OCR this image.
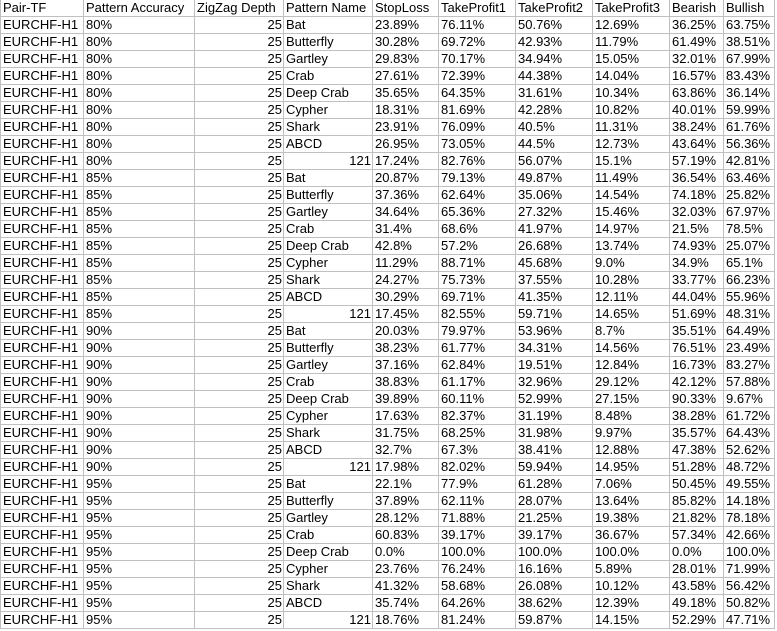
Pair-TF	Pattern Accuracy	ZigZag Depth	Pattern Name	StopLoss	TakeProfit1	TakeProfit2	TakeProfit3	Bearish	Bullish
EURCHF-H1	80%	25	Bat	23.89%	76.11%	50.76%	12.69%	36.25%	63.75%
EURCHF-H1	80%	25	Butterfly	30.28%	69.72%	42.93%	11.79%	61.49%	38.51%
EURCHF-H1	80%	25	Gartley	29.83%	70.17%	34.94%	15.05%	32.01%	67.99%
EURCHF-H1	80%	25	Crab	27.61%	72.39%	44.38%	14.04%	16.57%	83.43%
EURCHF-H1	80%	25	Deep Crab	35.65%	64.35%	31.61%	10.34%	63.86%	36.14%
EURCHF-H1	80%	25	Cypher	18.31%	81.69%	42.28%	10.82%	40.01%	59.99%
EURCHF-H1	80%	25	Shark	23.91%	76.09%	40.5%	11.31%	38.24%	61.76%
EURCHF-H1	80%	25	ABCD	26.95%	73.05%	44.5%	12.73%	43.64%	56.36%
EURCHF-H1	80%	25	121	17.24%	82.76%	56.07%	15.1%	57.19%	42.81%
EURCHF-H1	85%	25	Bat	20.87%	79.13%	49.87%	11.49%	36.54%	63.46%
EURCHF-H1	85%	25	Butterfly	37.36%	62.64%	35.06%	14.54%	74.18%	25.82%
EURCHF-H1	85%	25	Gartley	34.64%	65.36%	27.32%	15.46%	32.03%	67.97%
EURCHF-H1	85%	25	Crab	31.4%	68.6%	41.97%	14.97%	21.5%	78.5%
EURCHF-H1	85%	25	Deep Crab	42.8%	57.2%	26.68%	13.74%	74.93%	25.07%
EURCHF-H1	85%	25	Cypher	11.29%	88.71%	45.68%	9.0%	34.9%	65.1%
EURCHF-H1	85%	25	Shark	24.27%	75.73%	37.55%	10.28%	33.77%	66.23%
EURCHF-H1	85%	25	ABCD	30.29%	69.71%	41.35%	12.11%	44.04%	55.96%
EURCHF-H1	85%	25	121	17.45%	82.55%	59.71%	14.65%	51.69%	48.31%
EURCHF-H1	90%	25	Bat	20.03%	79.97%	53.96%	8.7%	35.51%	64.49%
EURCHF-H1	90%	25	Butterfly	38.23%	61.77%	34.31%	14.56%	76.51%	23.49%
EURCHF-H1	90%	25	Gartley	37.16%	62.84%	19.51%	12.84%	16.73%	83.27%
EURCHF-H1	90%	25	Crab	38.83%	61.17%	32.96%	29.12%	42.12%	57.88%
EURCHF-H1	90%	25	Deep Crab	39.89%	60.11%	52.99%	27.15%	90.33%	9.67%
EURCHF-H1	90%	25	Cypher	17.63%	82.37%	31.19%	8.48%	38.28%	61.72%
EURCHF-H1	90%	25	Shark	31.75%	68.25%	31.98%	9.97%	35.57%	64.43%
EURCHF-H1	90%	25	ABCD	32.7%	67.3%	38.41%	12.88%	47.38%	52.62%
EURCHF-H1	90%	25	121	17.98%	82.02%	59.94%	14.95%	51.28%	48.72%
EURCHF-H1	95%	25	Bat	22.1%	77.9%	61.28%	7.06%	50.45%	49.55%
EURCHF-H1	95%	25	Butterfly	37.89%	62.11%	28.07%	13.64%	85.82%	14.18%
EURCHF-H1	95%	25	Gartley	28.12%	71.88%	21.25%	19.38%	21.82%	78.18%
EURCHF-H1	95%	25	Crab	60.83%	39.17%	39.17%	36.67%	57.34%	42.66%
EURCHF-H1	95%	25	Deep Crab	0.0%	100.0%	100.0%	100.0%	0.0%	100.0%
EURCHF-H1	95%	25	Cypher	23.76%	76.24%	16.16%	5.89%	28.01%	71.99%
EURCHF-H1	95%	25	Shark	41.32%	58.68%	26.08%	10.12%	43.58%	56.42%
EURCHF-H1	95%	25	ABCD	35.74%	64.26%	38.62%	12.39%	49.18%	50.82%
EURCHF-H1	95%	25	121	18.76%	81.24%	59.87%	14.15%	52.29%	47.71%
